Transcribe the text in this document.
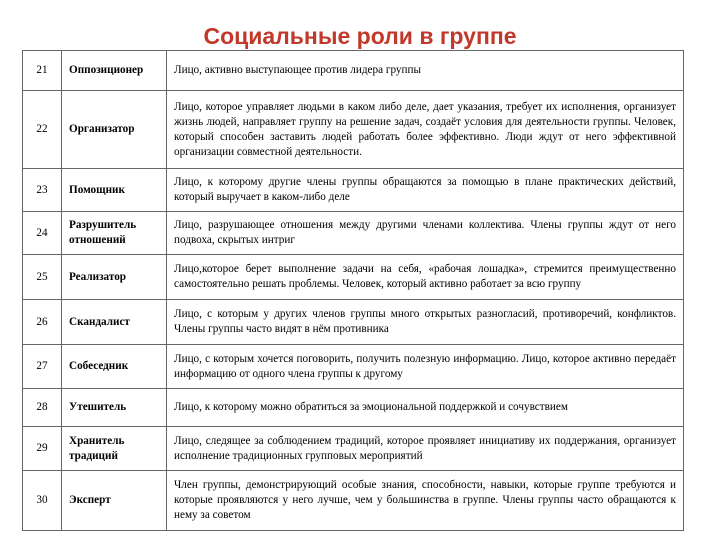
Социальные роли в группе
21	Оппозиционер	Лицо, активно выступающее против лидера группы
22	Организатор	Лицо, которое управляет людьми в каком либо деле, дает указания, требует их исполнения, организует жизнь людей, направляет группу на решение задач, создаёт условия для деятельности группы. Человек, который способен заставить людей работать более эффективно. Люди ждут от него эффективной организации совместной деятельности.
23	Помощник	Лицо, к которому другие члены группы обращаются за помощью в плане практических действий, который выручает в каком-либо деле
24	Разрушитель отношений	Лицо, разрушающее отношения между другими членами коллектива. Члены группы ждут от него подвоха, скрытых интриг
25	Реализатор	Лицо,которое берет выполнение задачи на себя, «рабочая лошадка», стремится преимущественно самостоятельно решать проблемы. Человек, который активно работает за всю группу
26	Скандалист	Лицо, с которым у других членов группы много открытых разногласий, противоречий, конфликтов. Члены группы часто видят в нём противника
27	Собеседник	Лицо, с которым хочется поговорить, получить полезную информацию. Лицо, которое активно передаёт информацию от одного члена группы к другому
28	Утешитель	Лицо, к которому можно обратиться за эмоциональной поддержкой и сочувствием
29	Хранитель традиций	Лицо, следящее за соблюдением традиций, которое проявляет инициативу их поддержания, организует исполнение традиционных групповых мероприятий
30	Эксперт	Член группы, демонстрирующий особые знания, способности, навыки, которые группе требуются и которые проявляются у него лучше, чем у большинства в группе. Члены группы часто обращаются к нему за советом
